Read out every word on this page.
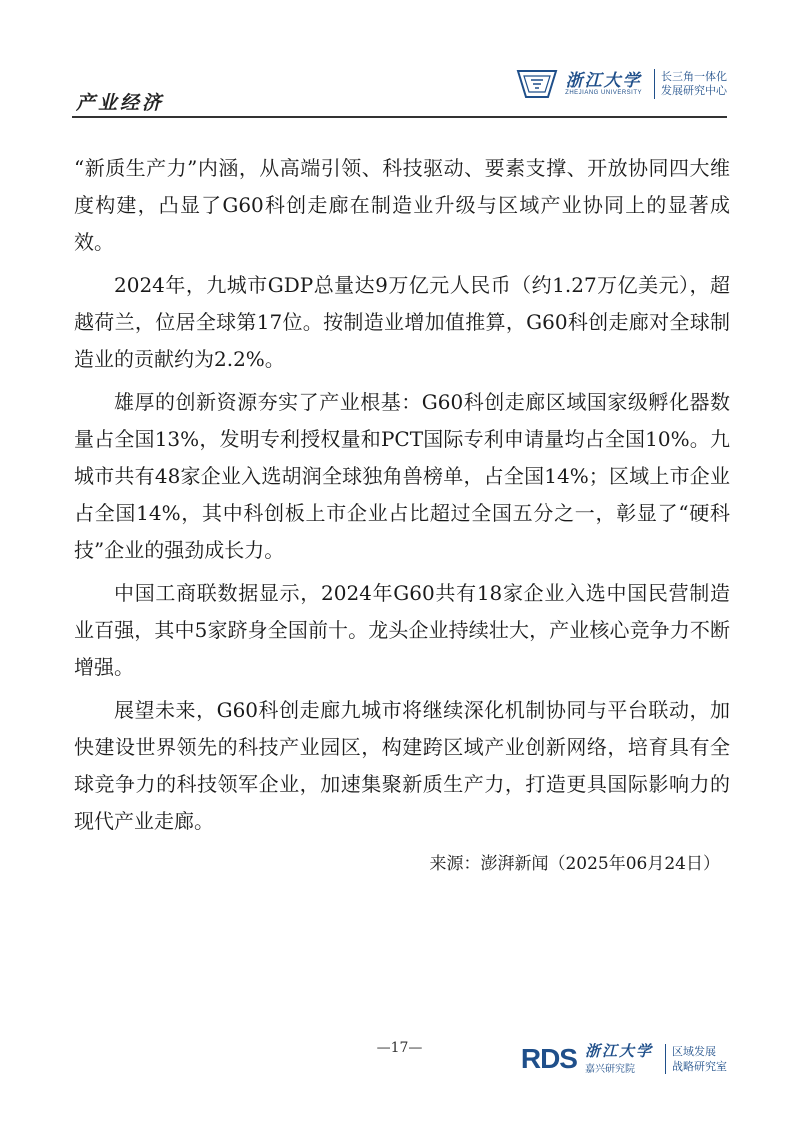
产业经济
浙江大学
ZHEJIANG UNIVERSITY
长三角一体化
发展研究中心

“新质生产力”内涵，从高端引领、科技驱动、要素支撑、开放协同四大维度构建，凸显了G60科创走廊在制造业升级与区域产业协同上的显著成效。

2024年，九城市GDP总量达9万亿元人民币（约1.27万亿美元），超越荷兰，位居全球第17位。按制造业增加值推算，G60科创走廊对全球制造业的贡献约为2.2%。

雄厚的创新资源夯实了产业根基：G60科创走廊区域国家级孵化器数量占全国13%，发明专利授权量和PCT国际专利申请量均占全国10%。九城市共有48家企业入选胡润全球独角兽榜单，占全国14%；区域上市企业占全国14%，其中科创板上市企业占比超过全国五分之一，彰显了“硬科技”企业的强劲成长力。

中国工商联数据显示，2024年G60共有18家企业入选中国民营制造业百强，其中5家跻身全国前十。龙头企业持续壮大，产业核心竞争力不断增强。

展望未来，G60科创走廊九城市将继续深化机制协同与平台联动，加快建设世界领先的科技产业园区，构建跨区域产业创新网络，培育具有全球竞争力的科技领军企业，加速集聚新质生产力，打造更具国际影响力的现代产业走廊。

来源：澎湃新闻（2025年06月24日）
—17—	RDS 浙江大学
嘉兴研究院
区域发展
战略研究室
